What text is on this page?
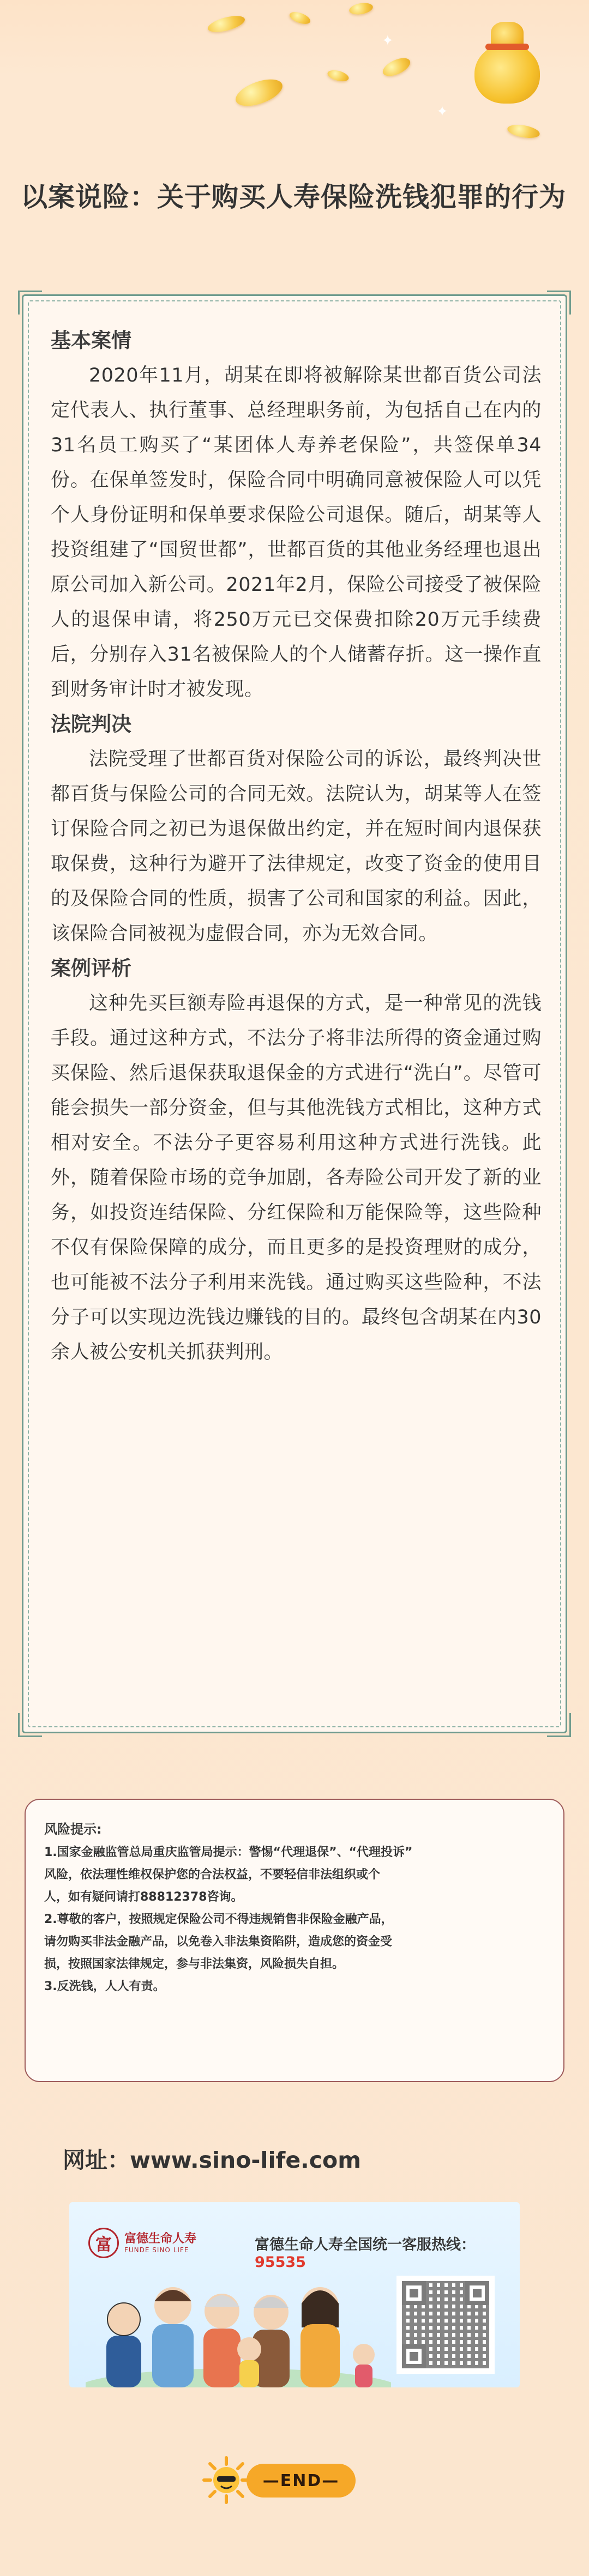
✦
✦
以案说险：关于购买人寿保险洗钱犯罪的行为
基本案情

2020年11月，胡某在即将被解除某世都百货公司法定代表人、执行董事、总经理职务前，为包括自己在内的31名员工购买了“某团体人寿养老保险”，共签保单34份。在保单签发时，保险合同中明确同意被保险人可以凭个人身份证明和保单要求保险公司退保。随后，胡某等人投资组建了“国贸世都”，世都百货的其他业务经理也退出原公司加入新公司。2021年2月，保险公司接受了被保险人的退保申请，将250万元已交保费扣除20万元手续费后，分别存入31名被保险人的个人储蓄存折。这一操作直到财务审计时才被发现。

法院判决

法院受理了世都百货对保险公司的诉讼，最终判决世都百货与保险公司的合同无效。法院认为，胡某等人在签订保险合同之初已为退保做出约定，并在短时间内退保获取保费，这种行为避开了法律规定，改变了资金的使用目的及保险合同的性质，损害了公司和国家的利益。因此，该保险合同被视为虚假合同，亦为无效合同。

案例评析

这种先买巨额寿险再退保的方式，是一种常见的洗钱手段。通过这种方式，不法分子将非法所得的资金通过购买保险、然后退保获取退保金的方式进行“洗白”。尽管可能会损失一部分资金，但与其他洗钱方式相比，这种方式相对安全。不法分子更容易利用这种方式进行洗钱。此外，随着保险市场的竞争加剧，各寿险公司开发了新的业务，如投资连结保险、分红保险和万能保险等，这些险种不仅有保险保障的成分，而且更多的是投资理财的成分，也可能被不法分子利用来洗钱。通过购买这些险种，不法分子可以实现边洗钱边赚钱的目的。最终包含胡某在内30余人被公安机关抓获判刑。

风险提示:
1.国家金融监管总局重庆监管局提示：警惕“代理退保”、“代理投诉”
风险，依法理性维权保护您的合法权益，不要轻信非法组织或个
人，如有疑问请打88812378咨询。
2.尊敬的客户，按照规定保险公司不得违规销售非保险金融产品，
请勿购买非法金融产品，以免卷入非法集资陷阱，造成您的资金受
损，按照国家法律规定，参与非法集资，风险损失自担。
3.反洗钱，人人有责。
网址：www.sino-life.com
富	富德生命人寿
FUNDE SINO LIFE	富德生命人寿全国统一客服热线：95535
—END—
